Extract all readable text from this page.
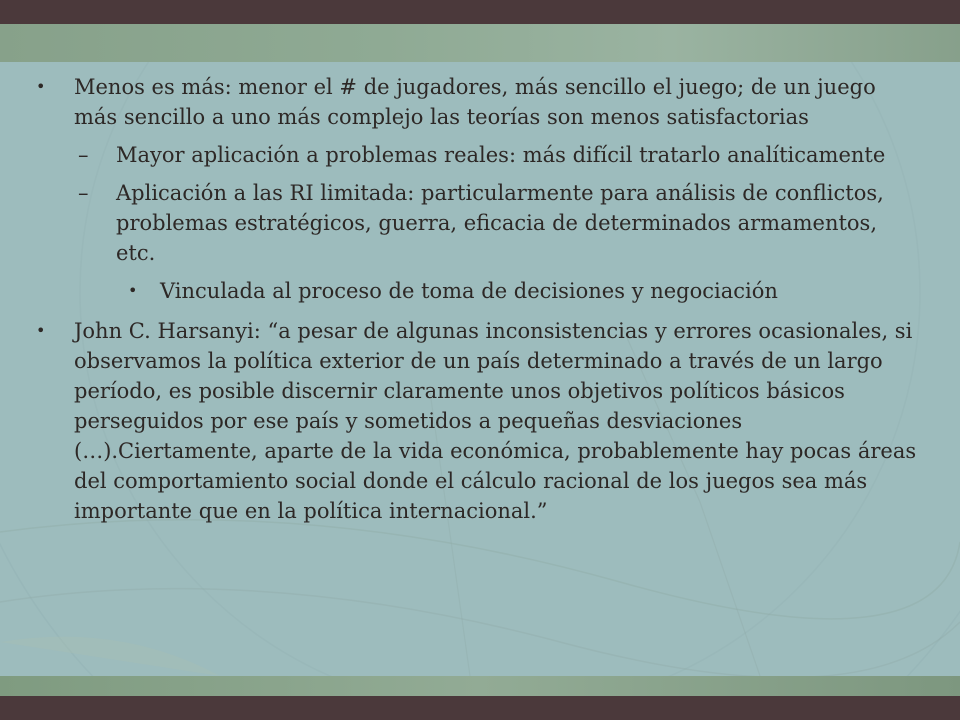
• Menos es más: menor el # de jugadores, más sencillo el juego; de un juego más sencillo a uno más complejo las teorías son menos satisfactorias

– Mayor aplicación a problemas reales: más difícil tratarlo analíticamente

– Aplicación a las RI limitada: particularmente para análisis de conflictos, problemas estratégicos, guerra, eficacia de determinados armamentos, etc.

• Vinculada al proceso de toma de decisiones y negociación

• John C. Harsanyi: “a pesar de algunas inconsistencias y errores ocasionales, si observamos la política exterior de un país determinado a través de un largo período, es posible discernir claramente unos objetivos políticos básicos perseguidos por ese país y sometidos a pequeñas desviaciones (…).Ciertamente, aparte de la vida económica, probablemente hay pocas áreas del comportamiento social donde el cálculo racional de los juegos sea más importante que en la política internacional.”
